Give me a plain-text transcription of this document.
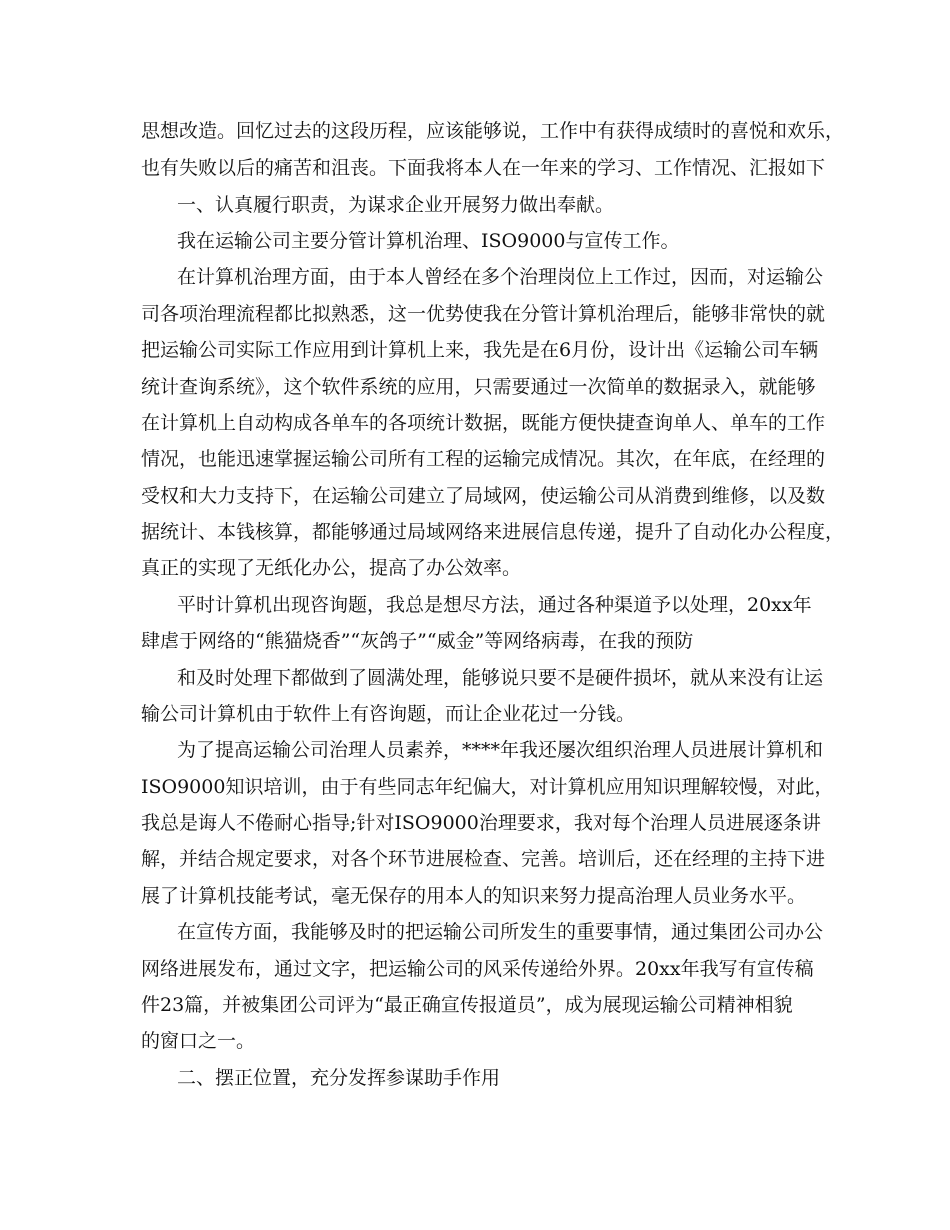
思想改造。回忆过去的这段历程，应该能够说，工作中有获得成绩时的喜悦和欢乐，
也有失败以后的痛苦和沮丧。下面我将本人在一年来的学习、工作情况、汇报如下
一、认真履行职责，为谋求企业开展努力做出奉献。
我在运输公司主要分管计算机治理、ISO9000与宣传工作。
在计算机治理方面，由于本人曾经在多个治理岗位上工作过，因而，对运输公
司各项治理流程都比拟熟悉，这一优势使我在分管计算机治理后，能够非常快的就
把运输公司实际工作应用到计算机上来，我先是在6月份，设计出《运输公司车辆
统计查询系统》，这个软件系统的应用，只需要通过一次简单的数据录入，就能够
在计算机上自动构成各单车的各项统计数据，既能方便快捷查询单人、单车的工作
情况，也能迅速掌握运输公司所有工程的运输完成情况。其次，在年底，在经理的
受权和大力支持下，在运输公司建立了局域网，使运输公司从消费到维修，以及数
据统计、本钱核算，都能够通过局域网络来进展信息传递，提升了自动化办公程度，
真正的实现了无纸化办公，提高了办公效率。
平时计算机出现咨询题，我总是想尽方法，通过各种渠道予以处理，20xx年
肆虐于网络的“熊猫烧香”“灰鸽子”“威金”等网络病毒，在我的预防
和及时处理下都做到了圆满处理，能够说只要不是硬件损坏，就从来没有让运
输公司计算机由于软件上有咨询题，而让企业花过一分钱。
为了提高运输公司治理人员素养，****年我还屡次组织治理人员进展计算机和
ISO9000知识培训，由于有些同志年纪偏大，对计算机应用知识理解较慢，对此，
我总是诲人不倦耐心指导;针对ISO9000治理要求，我对每个治理人员进展逐条讲
解，并结合规定要求，对各个环节进展检查、完善。培训后，还在经理的主持下进
展了计算机技能考试，毫无保存的用本人的知识来努力提高治理人员业务水平。
在宣传方面，我能够及时的把运输公司所发生的重要事情，通过集团公司办公
网络进展发布，通过文字，把运输公司的风采传递给外界。20xx年我写有宣传稿
件23篇，并被集团公司评为“最正确宣传报道员”，成为展现运输公司精神相貌
的窗口之一。
二、摆正位置，充分发挥参谋助手作用
